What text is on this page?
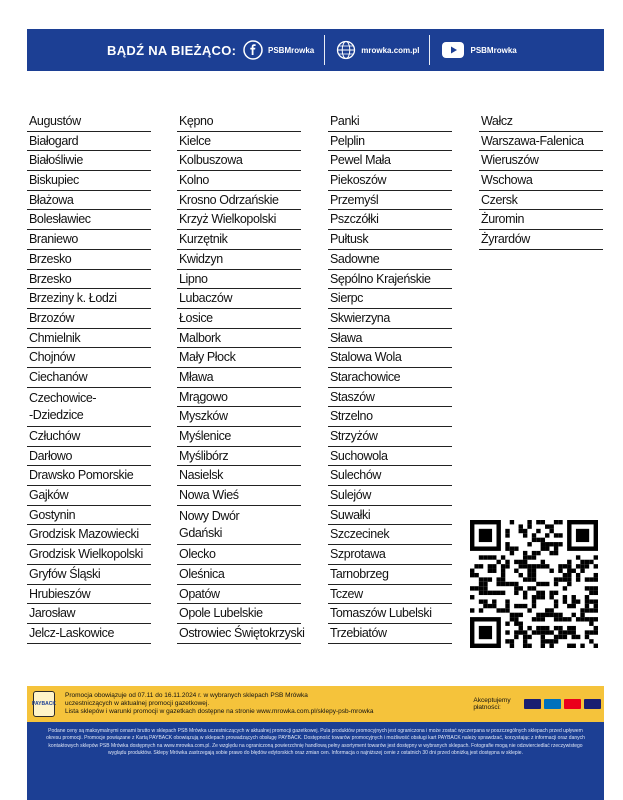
BĄDŹ NA BIEŻĄCO:	PSBMrowka	mrowka.com.pl	PSBMrowka
Augustów
Białogard
Białośliwie
Biskupiec
Błażowa
Bolesławiec
Braniewo
Brzesko
Brzesko
Brzeziny k. Łodzi
Brzozów
Chmielnik
Chojnów
Ciechanów
Czechowice-
-Dziedzice
Człuchów
Darłowo
Drawsko Pomorskie
Gajków
Gostynin
Grodzisk Mazowiecki
Grodzisk Wielkopolski
Gryfów Śląski
Hrubieszów
Jarosław
Jelcz-Laskowice
Kępno
Kielce
Kolbuszowa
Kolno
Krosno Odrzańskie
Krzyż Wielkopolski
Kurzętnik
Kwidzyn
Lipno
Lubaczów
Łosice
Malbork
Mały Płock
Mława
Mrągowo
Myszków
Myślenice
Myślibórz
Nasielsk
Nowa Wieś
Nowy Dwór
Gdański
Olecko
Oleśnica
Opatów
Opole Lubelskie
Ostrowiec Świętokrzyski
Panki
Pelplin
Pewel Mała
Piekoszów
Przemyśl
Pszczółki
Pułtusk
Sadowne
Sępólno Krajeńskie
Sierpc
Skwierzyna
Sława
Stalowa Wola
Starachowice
Staszów
Strzelno
Strzyżów
Suchowola
Sulechów
Sulejów
Suwałki
Szczecinek
Szprotawa
Tarnobrzeg
Tczew
Tomaszów Lubelski
Trzebiatów
Wałcz
Warszawa-Falenica
Wieruszów
Wschowa
Czersk
Żuromin
Żyrardów
PAYBACK
Promocja obowiązuje od 07.11 do 16.11.2024 r. w wybranych sklepach PSB Mrówka
uczestniczących w aktualnej promocji gazetkowej.
Lista sklepów i warunki promocji w gazetkach dostępne na stronie www.mrowka.com.pl/sklepy-psb-mrowka
Akceptujemy płatności:
Podane ceny są maksymalnymi cenami brutto w sklepach PSB Mrówka uczestniczących w aktualnej promocji gazetkowej. Pula produktów promocyjnych jest ograniczona i może zostać wyczerpana w poszczególnych sklepach przed upływem okresu promocji. Promocje powiązane z Kartą PAYBACK obowiązują w sklepach prowadzących obsługę PAYBACK. Dostępność towarów promocyjnych i możliwość obsługi kart PAYBACK należy sprawdzać, korzystając z informacji oraz danych kontaktowych sklepów PSB Mrówka dostępnych na www.mrowka.com.pl. Ze względu na ograniczoną powierzchnię handlową pełny asortyment towarów jest dostępny w wybranych sklepach. Fotografie mogą nie odzwierciedlać rzeczywistego wyglądu produktów. Sklepy Mrówka zastrzegają sobie prawo do błędów edytorskich oraz zmian cen. Informacja o najniższej cenie z ostatnich 30 dni przed obniżką jest dostępna w sklepie.
